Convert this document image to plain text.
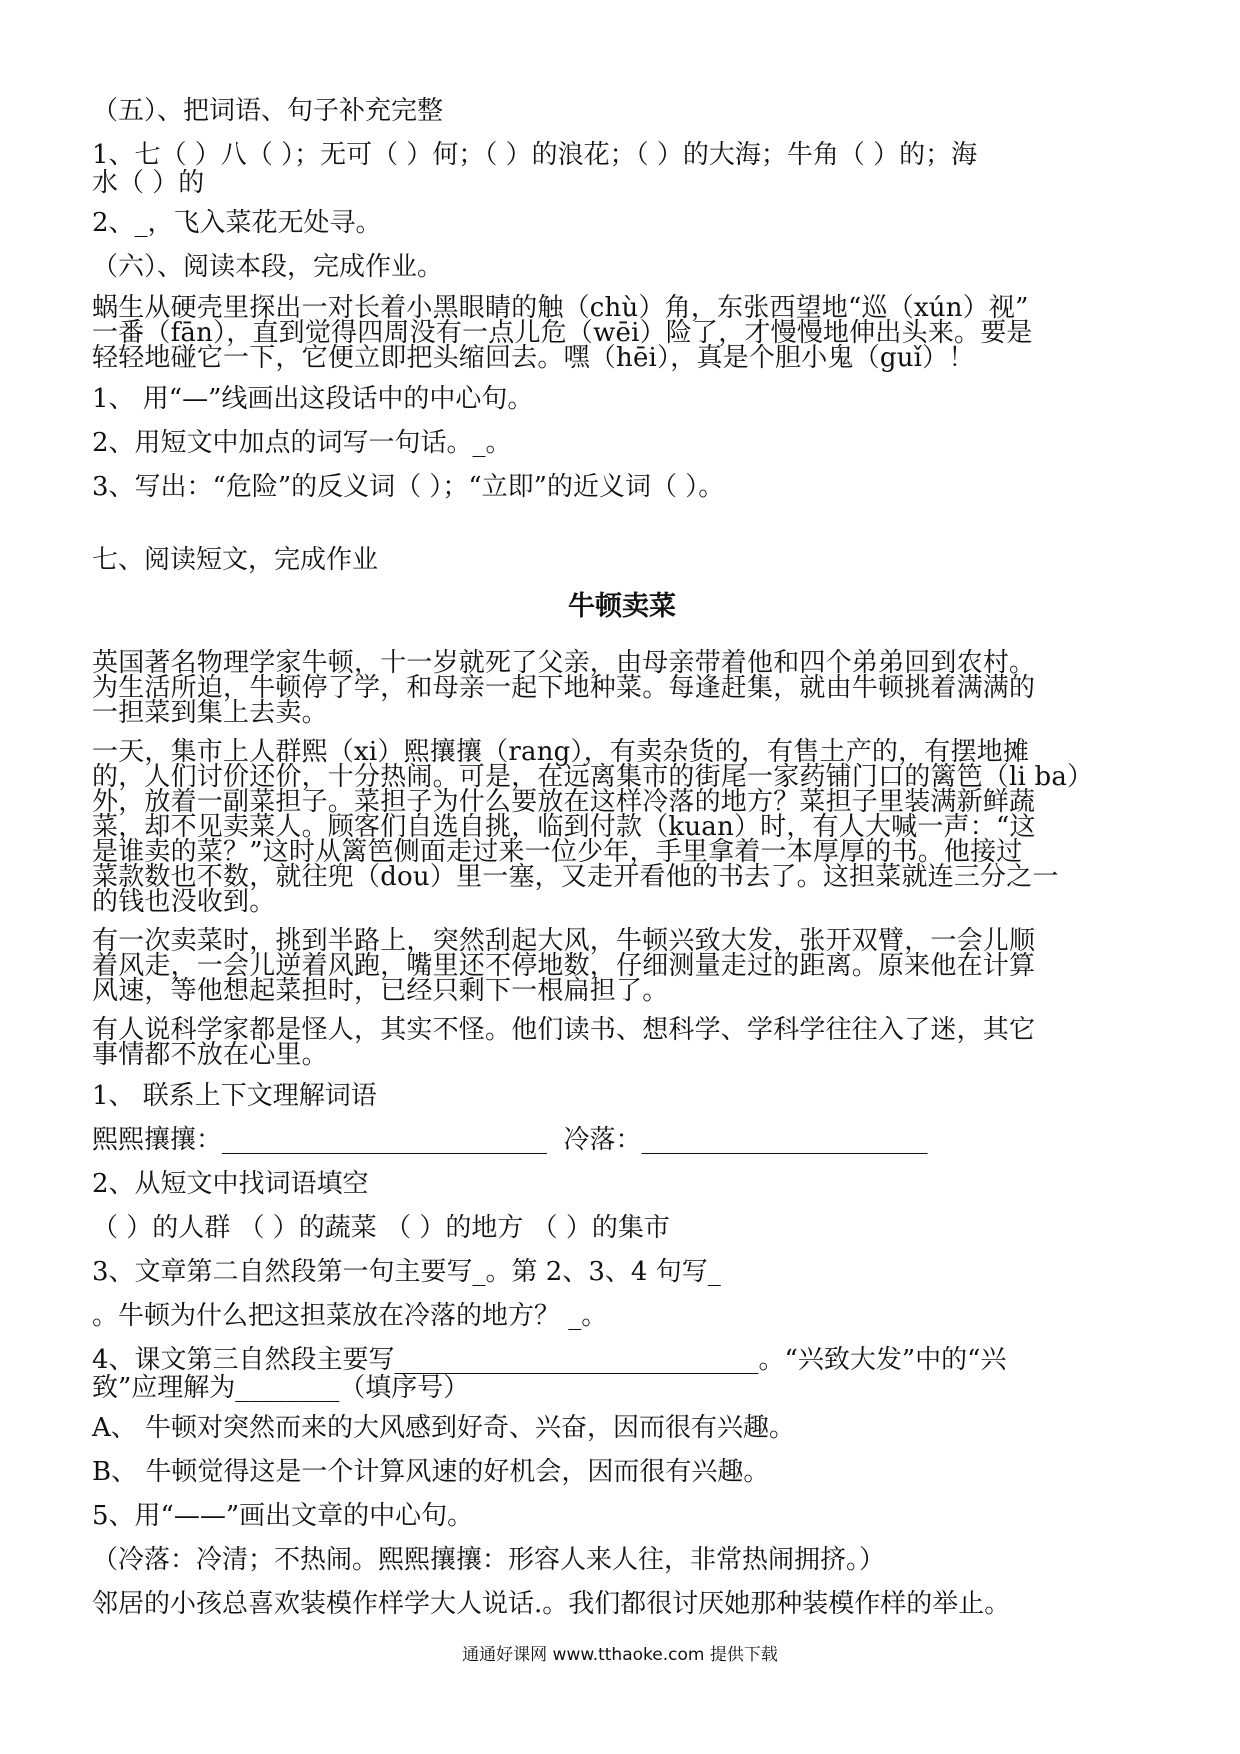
（五）、把词语、句子补充完整

1、七（ ）八（ ）；无可（ ）何；（ ）的浪花；（ ）的大海；牛角（ ）的；海

水（ ）的

2、_，飞入菜花无处寻。

（六）、阅读本段，完成作业。

蜗生从硬壳里探出一对长着小黑眼睛的触（chù）角，东张西望地“巡（xún）视”

一番（fān），直到觉得四周没有一点儿危（wēi）险了，才慢慢地伸出头来。要是

轻轻地碰它一下，它便立即把头缩回去。嘿（hēi），真是个胆小鬼（guǐ）！

1、 用“—”线画出这段话中的中心句。

2、用短文中加点的词写一句话。_。

3、写出：“危险”的反义词（ ）；“立即”的近义词（ ）。

七、阅读短文，完成作业

牛顿卖菜

英国著名物理学家牛顿，十一岁就死了父亲，由母亲带着他和四个弟弟回到农村。

为生活所迫，牛顿停了学，和母亲一起下地种菜。每逢赶集，就由牛顿挑着满满的

一担菜到集上去卖。

一天，集市上人群熙（xi）熙攘攘（rang），有卖杂货的，有售土产的，有摆地摊

的，人们讨价还价，十分热闹。可是，在远离集市的街尾一家药铺门口的篱笆（li ba）

外，放着一副菜担子。菜担子为什么要放在这样冷落的地方？菜担子里装满新鲜蔬

菜，却不见卖菜人。顾客们自选自挑，临到付款（kuan）时，有人大喊一声：“这

是谁卖的菜？”这时从篱笆侧面走过来一位少年，手里拿着一本厚厚的书。他接过

菜款数也不数，就往兜（dou）里一塞，又走开看他的书去了。这担菜就连三分之一

的钱也没收到。

有一次卖菜时，挑到半路上，突然刮起大风，牛顿兴致大发，张开双臂，一会儿顺

着风走，一会儿逆着风跑，嘴里还不停地数，仔细测量走过的距离。原来他在计算

风速，等他想起菜担时，已经只剩下一根扁担了。

有人说科学家都是怪人，其实不怪。他们读书、想科学、学科学往往入了迷，其它

事情都不放在心里。

1、 联系上下文理解词语

熙熙攘攘：_________________________  冷落：______________________

2、从短文中找词语填空

（ ）的人群 （ ）的蔬菜 （ ）的地方 （ ）的集市

3、文章第二自然段第一句主要写_。第 2、3、4 句写_

。牛顿为什么把这担菜放在冷落的地方？ _。

4、课文第三自然段主要写____________________________。“兴致大发”中的“兴

致”应理解为________（填序号）

A、 牛顿对突然而来的大风感到好奇、兴奋，因而很有兴趣。

B、 牛顿觉得这是一个计算风速的好机会，因而很有兴趣。

5、用“——”画出文章的中心句。

（冷落：冷清；不热闹。熙熙攘攘：形容人来人往，非常热闹拥挤。）

邻居的小孩总喜欢装模作样学大人说话.。我们都很讨厌她那种装模作样的举止。

通通好课网 www.tthaoke.com 提供下载
